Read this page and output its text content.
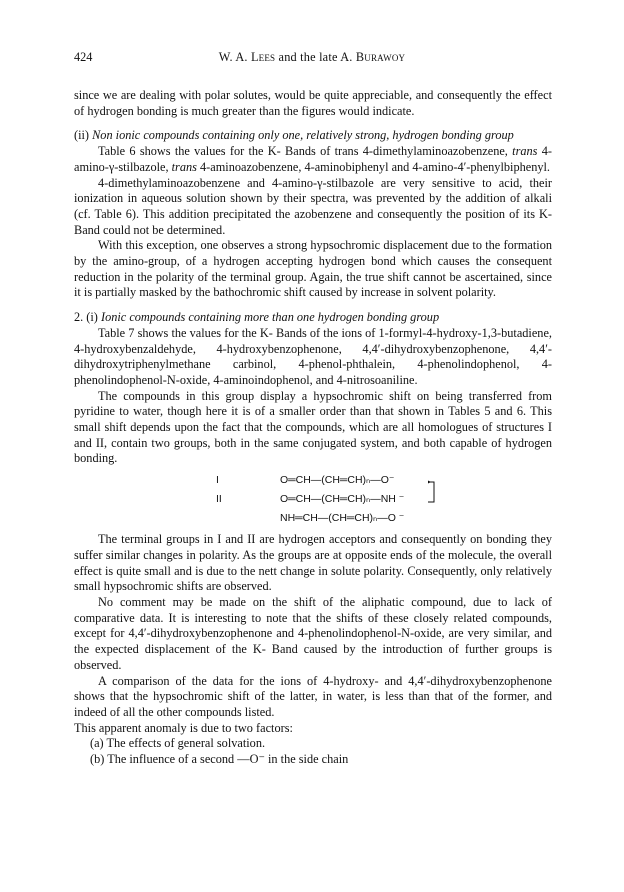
424	W. A. Lees and the late A. Burawoy

since we are dealing with polar solutes, would be quite appreciable, and consequently the effect of hydrogen bonding is much greater than the figures would indicate.

(ii) Non ionic compounds containing only one, relatively strong, hydrogen bonding group

Table 6 shows the values for the K- Bands of trans 4-dimethylaminoazobenzene, trans 4-amino-γ-stilbazole, trans 4-aminoazobenzene, 4-aminobiphenyl and 4-amino-4′-phenylbiphenyl.

4-dimethylaminoazobenzene and 4-amino-γ-stilbazole are very sensitive to acid, their ionization in aqueous solution shown by their spectra, was prevented by the addition of alkali (cf. Table 6). This addition precipitated the azobenzene and consequently the position of its K- Band could not be determined.

With this exception, one observes a strong hypsochromic displacement due to the formation by the amino-group, of a hydrogen accepting hydrogen bond which causes the consequent reduction in the polarity of the terminal group. Again, the true shift cannot be ascertained, since it is partially masked by the bathochromic shift caused by increase in solvent polarity.

2. (i) Ionic compounds containing more than one hydrogen bonding group

Table 7 shows the values for the K- Bands of the ions of 1-formyl-4-hydroxy-1,3-butadiene, 4-hydroxybenzaldehyde, 4-hydroxybenzophenone, 4,4′-dihydroxybenzophenone, 4,4′-dihydroxytriphenylmethane carbinol, 4-phenol-phthalein, 4-phenolindophenol, 4-phenolindophenol-N-oxide, 4-aminoindophenol, and 4-nitrosoaniline.

The compounds in this group display a hypsochromic shift on being transferred from pyridine to water, though here it is of a smaller order than that shown in Tables 5 and 6. This small shift depends upon the fact that the compounds, which are all homologues of structures I and II, contain two groups, both in the same conjugated system, and both capable of hydrogen bonding.

I	O═CH—(CH═CH)ₙ—O⁻
II	O═CH—(CH═CH)ₙ—NH ⁻
NH═CH—(CH═CH)ₙ—O ⁻

The terminal groups in I and II are hydrogen acceptors and consequently on bonding they suffer similar changes in polarity. As the groups are at opposite ends of the molecule, the overall effect is quite small and is due to the nett change in solute polarity. Consequently, only relatively small hypsochromic shifts are observed.

No comment may be made on the shift of the aliphatic compound, due to lack of comparative data. It is interesting to note that the shifts of these closely related compounds, except for 4,4′-dihydroxybenzophenone and 4-phenolindophenol-N-oxide, are very similar, and the expected displacement of the K- Band caused by the introduction of further groups is observed.

A comparison of the data for the ions of 4-hydroxy- and 4,4′-dihydroxybenzophenone shows that the hypsochromic shift of the latter, in water, is less than that of the former, and indeed of all the other compounds listed.

This apparent anomaly is due to two factors:

(a) The effects of general solvation.
(b) The influence of a second —O⁻ in the side chain
